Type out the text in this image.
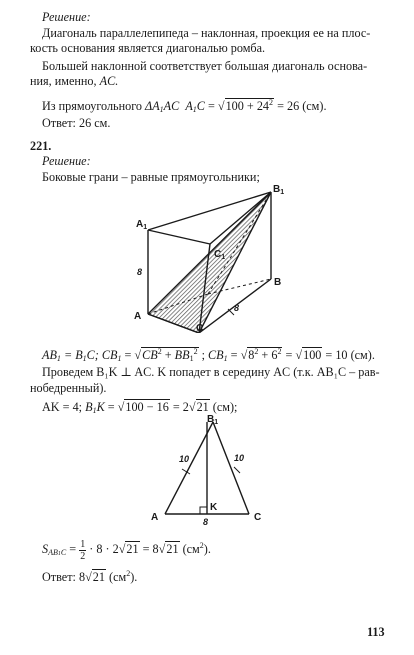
Решение:
Диагональ параллелепипеда – наклонная, проекция ее на плос-
кость основания является диагональю ромба.
Большей наклонной соответствует большая диагональ основа-
ния, именно, AC.
Из прямоугольного $\Delta A_1AC$  $A_1C = √100 + 24^2 = 26$ (см).
Ответ: 26 см.
221.
Решение:
Боковые грани – равные прямоугольники;
$A_1$
$B_1$
$C_1$
A
B
C
8
8
$AB_1 = B_1C$; $CB_1 = √CB^2 + BB_1^2$ ; $CB_1 = √8^2 + 6^2 = √100 = 10$ (см).
Проведем B₁K ⊥ AC. K попадет в середину AC (т.к. AB₁C – рав-
нобедренный).
AK = 4; $B_1K = √100 - 16 = 2√21$ (см);
$B_1$
A	C
K
10	10
8
$S_{AB1C} = \frac{1}{2} \cdot 8 \cdot 2√21 = 8√21$ $(см^2)$.
Ответ: 8√21 $(см^2)$.
113
